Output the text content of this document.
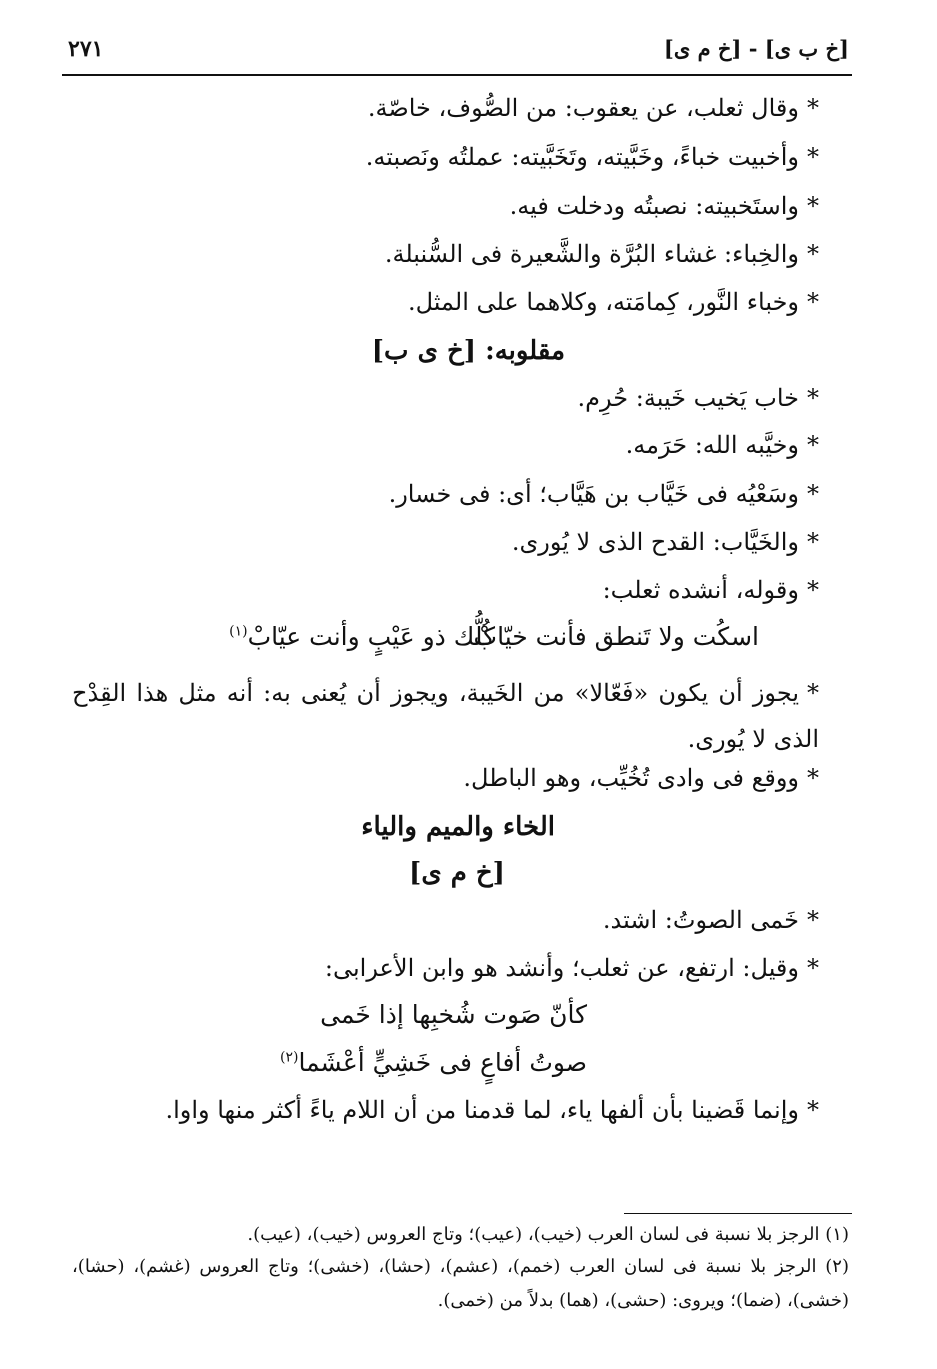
[خ ب ى] - [خ م ى]
٢٧١
*وقال ثعلب، عن يعقوب: من الصُّوف، خاصّة.
*وأخبيت خباءً، وخَبَّيته، وتَخَبَّيته: عملتُه ونَصبته.
*واستَخبيته: نصبتُه ودخلت فيه.
*والخِباء: غشاء البُرَّة والشَّعيرة فى السُّنبلة.
*وخباء النَّور، كِمامَته، وكلاهما على المثل.
مقلوبه: [خ ى ب]
*خاب يَخيب خَيبة: حُرِم.
*وخيَّبه الله: حَرَمه.
*وسَعْيُه فى خَيَّاب بن هَيَّاب؛ أى: فى خسار.
*والخَيَّاب: القدح الذى لا يُورى.
*وقوله، أنشده ثعلب:
اسكُت ولا تَنطق فأنت خيّابْ
كُلُّك ذو عَيْبٍ وأنت عيّابْ$^{(١)}$
*يجوز أن يكون «فَعّالا» من الخَيبة، ويجوز أن يُعنى به: أنه مثل هذا القِدْح الذى لا يُورى.
*ووقع فى وادى تُخُيِّب، وهو الباطل.
الخاء والميم والياء
[خ م ى]
*خَمى الصوتُ: اشتد.
*وقيل: ارتفع، عن ثعلب؛ وأنشد هو وابن الأعرابى:
كأنّ صَوت شُخبِها إذا خَمى
صوتُ أفاعٍ فى خَشِيٍّ أعْشَما$^{(٢)}$
*وإنما قَضينا بأن ألفها ياء، لما قدمنا من أن اللام ياءً أكثر منها واوا.
(١) الرجز بلا نسبة فى لسان العرب (خيب)، (عيب)؛ وتاج العروس (خيب)، (عيب).
(٢) الرجز بلا نسبة فى لسان العرب (خمم)، (عشم)، (حشا)، (خشى)؛ وتاج العروس (غشم)، (حشا)، (خشى)، (ضما)؛ ويروى: (حشى)، (هما) بدلاً من (خمى).
